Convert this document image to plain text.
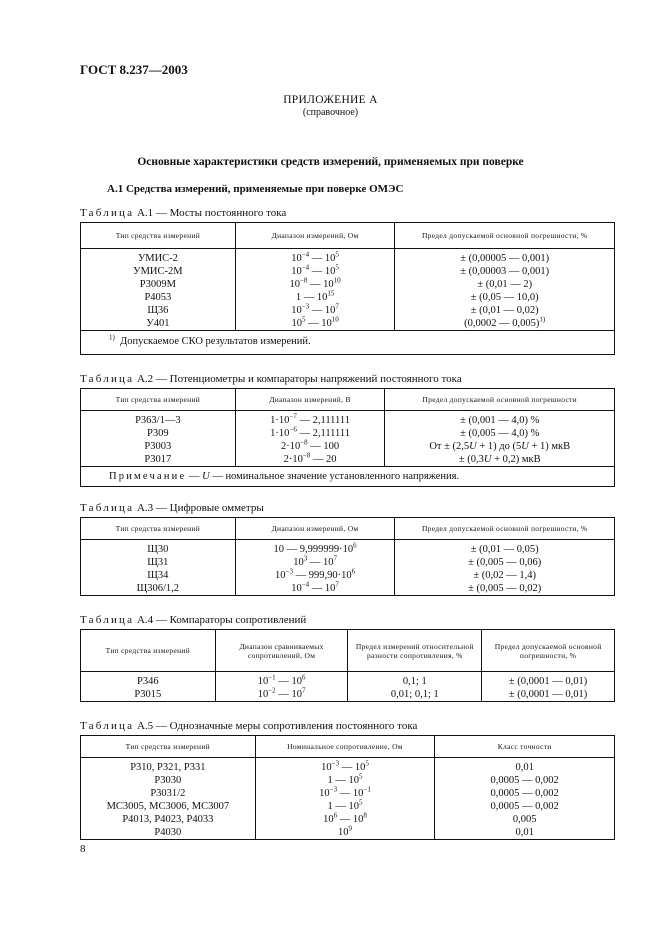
ГОСТ 8.237—2003
ПРИЛОЖЕНИЕ А
(справочное)
Основные характеристики средств измерений, применяемых при поверке
А.1 Средства измерений, применяемые при поверке ОМЭС
Таблица А.1 — Мосты постоянного тока
Тип средства измерений	Диапазон измерений, Ом	Предел допускаемой основной погрешности, %
УМИС-2	$10^{-4}$ — $10^5$	± (0,00005 — 0,001)
УМИС-2М	$10^{-4}$ — $10^5$	± (0,00003 — 0,001)
Р3009М	$10^{-8}$ — $10^{10}$	± (0,01 — 2)
Р4053	1 — $10^{15}$	± (0,05 — 10,0)
Щ36	$10^{-3}$ — $10^7$	± (0,01 — 0,02)
У401	$10^5$ — $10^{10}$	(0,0002 — 0,005)$^{1)}$
$^{1)}$ Допускаемое СКО результатов измерений.		
Таблица А.2 — Потенциометры и компараторы напряжений постоянного тока
Тип средства измерений	Диапазон измерений, В	Предел допускаемой основной погрешности
Р363/1—3	$1\cdot 10^{-7}$ — 2,111111	± (0,001 — 4,0) %
Р309	$1\cdot 10^{-6}$ — 2,111111	± (0,005 — 4,0) %
Р3003	$2\cdot 10^{-8}$ — 100	От ± (2,5U + 1) до (5U + 1) мкВ
Р3017	$2\cdot 10^{-8}$ — 20	± (0,3U + 0,2) мкВ
Примечание — U — номинальное значение установленного напряжения.		
Таблица А.3 — Цифровые омметры
Тип средства измерений	Диапазон измерений, Ом	Предел допускаемой основной погрешности, %
Щ30	10 — $9,999999\cdot 10^6$	± (0,01 — 0,05)
Щ31	$10^3$ — $10^7$	± (0,005 — 0,06)
Щ34	$10^{-3}$ — $999,90\cdot 10^6$	± (0,02 — 1,4)
Щ306/1,2	$10^{-4}$ — $10^7$	± (0,005 — 0,02)
Таблица А.4 — Компараторы сопротивлений
Тип средства измерений	Диапазон сравниваемых сопротивлений, Ом	Предел измерений относительной разности сопротивления, %	Предел допускаемой основной погрешности, %
Р346	$10^{-1}$ — $10^6$	0,1; 1	± (0,0001 — 0,01)
Р3015	$10^{-2}$ — $10^7$	0,01; 0,1; 1	± (0,0001 — 0,01)
Таблица А.5 — Однозначные меры сопротивления постоянного тока
Тип средства измерений	Номинальное сопротивление, Ом	Класс точности
Р310, Р321, Р331	$10^{-3}$ — $10^5$	0,01
Р3030	1 — $10^5$	0,0005 — 0,002
Р3031/2	$10^{-3}$ — $10^{-1}$	0,0005 — 0,002
МС3005, МС3006, МС3007	1 — $10^5$	0,0005 — 0,002
Р4013, Р4023, Р4033	$10^6$ — $10^8$	0,005
Р4030	$10^9$	0,01
8
